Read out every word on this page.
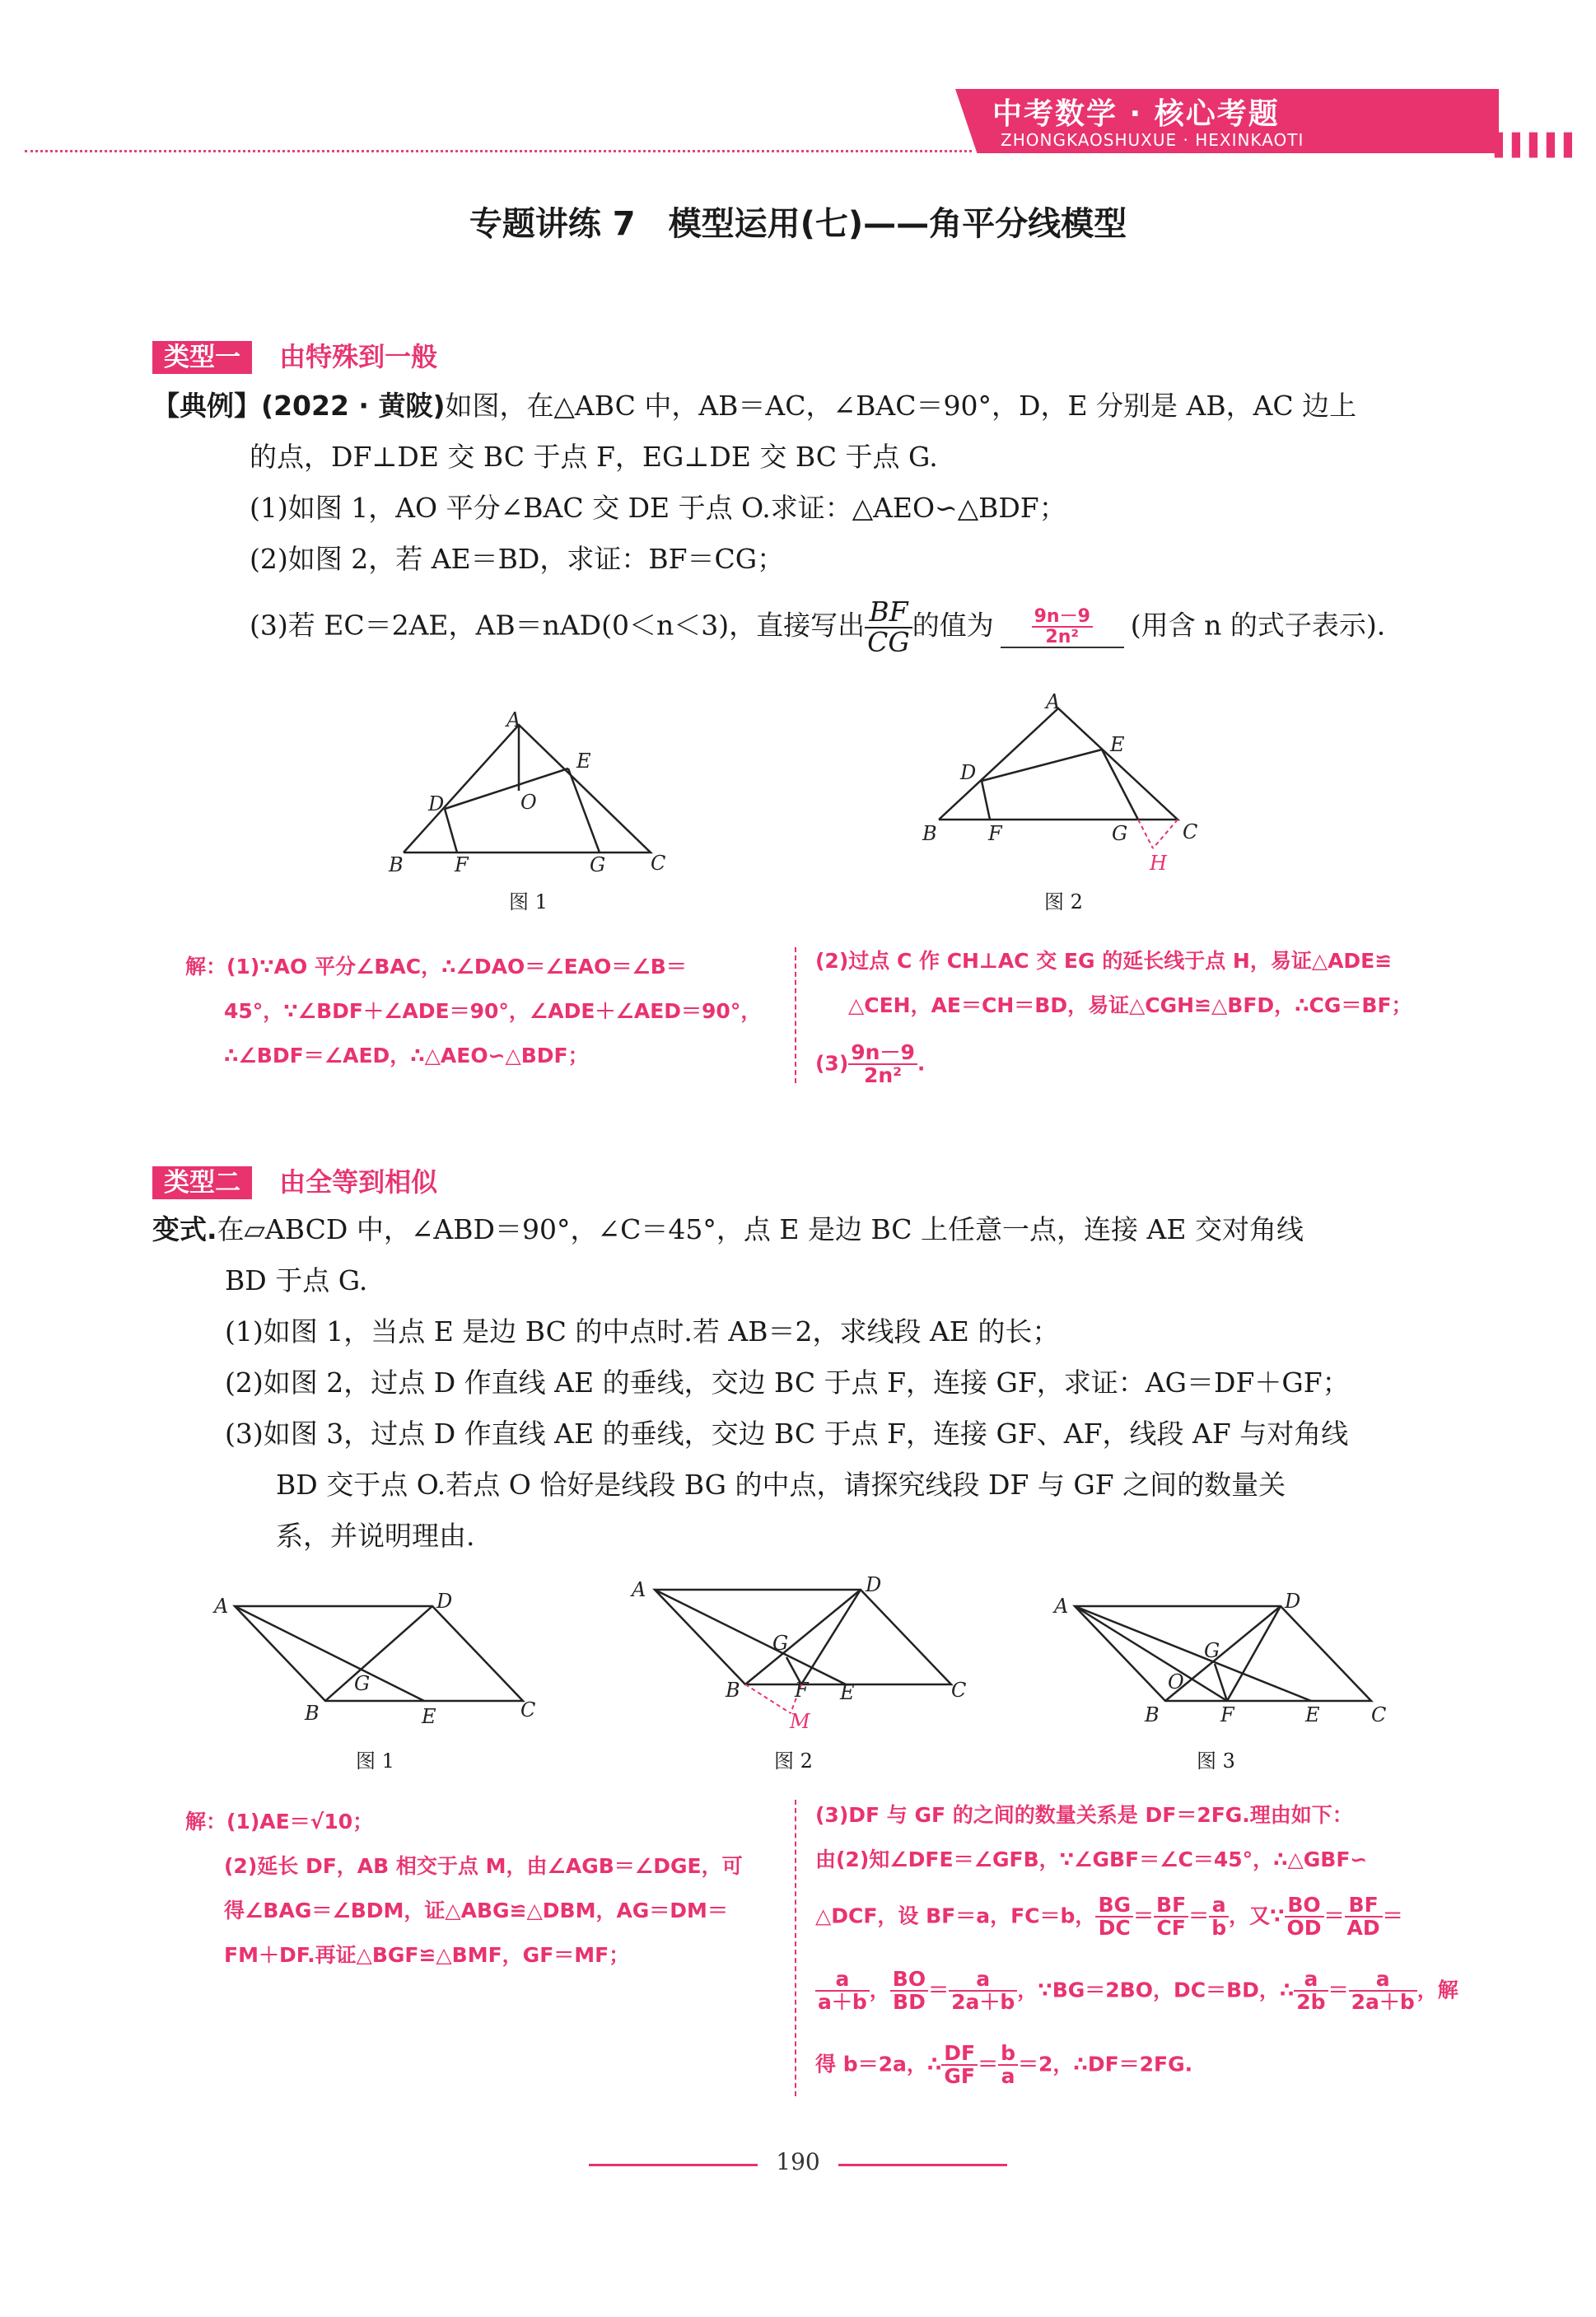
中考数学 · 核心考题
ZHONGKAOSHUXUE · HEXINKAOTI	▌▌▌▌▌
专题讲练 7　模型运用(七)——角平分线模型
类型一 由特殊到一般
【典例】(2022 · 黄陂)如图，在△ABC 中，AB＝AC，∠BAC＝90°，D，E 分别是 AB，AC 边上
的点，DF⊥DE 交 BC 于点 F，EG⊥DE 交 BC 于点 G.
(1)如图 1，AO 平分∠BAC 交 DE 于点 O.求证：△AEO∽△BDF；
(2)如图 2，若 AE＝BD，求证：BF＝CG；
(3)若 EC＝2AE，AB＝nAD(0＜n＜3)，直接写出 $\frac{BF}{CG}$ 的值为 $\frac{9n-9}{\text{2n²}}$ (用含 n 的式子表示).
A
E
O
D
B	F	G C
图 1
A
E
D
B	F	G	C
H
图 2
解：(1)∵AO 平分∠BAC，∴∠DAO＝∠EAO＝∠B＝
45°，∵∠BDF＋∠ADE＝90°，∠ADE＋∠AED＝90°，
∴∠BDF＝∠AED，∴△AEO∽△BDF；
(2)过点 C 作 CH⊥AC 交 EG 的延长线于点 H，易证△ADE≌
△CEH，AE＝CH＝BD，易证△CGH≌△BFD，∴CG＝BF；
$(3) \frac{9n-9}{\text{2n²}}$ .
类型二 由全等到相似
变式.在▱ABCD 中，∠ABD＝90°，∠C＝45°，点 E 是边 BC 上任意一点，连接 AE 交对角线
BD 于点 G.
(1)如图 1，当点 E 是边 BC 的中点时.若 AB＝2，求线段 AE 的长；
(2)如图 2，过点 D 作直线 AE 的垂线，交边 BC 于点 F，连接 GF，求证：AG＝DF＋GF；
(3)如图 3，过点 D 作直线 AE 的垂线，交边 BC 于点 F，连接 GF、AF，线段 AF 与对角线
BD 交于点 O.若点 O 恰好是线段 BG 的中点，请探究线段 DF 与 GF 之间的数量关
系，并说明理由.
A	D
G
B	E	C
图 1
A	D
G
B	F E	C
M
图 2
A	D
G
O
B	F	E	C
图 3
解：(1)AE＝√10；
(2)延长 DF，AB 相交于点 M，由∠AGB＝∠DGE，可
得∠BAG＝∠BDM，证△ABG≌△DBM，AG＝DM＝
FM＋DF.再证△BGF≌△BMF，GF＝MF；
(3)DF 与 GF 的之间的数量关系是 DF＝2FG.理由如下：
由(2)知∠DFE＝∠GFB，∵∠GBF＝∠C＝45°，∴△GBF∽
△DCF，设 BF＝a，FC＝b， $\frac{BG}{DC} = \frac{BF}{CF} = \frac{a}{b}$ ，又∵ $\frac{BO}{OD} = \frac{BF}{AD}$ ＝
$\frac{a}{a+b}$ ， $\frac{BO}{BD} = \frac{a}{2a+b}$ ，∵BG＝2BO，DC＝BD，∴ $\frac{a}{2b} = \frac{a}{2a+b}$ ，解
得 b＝2a，∴ $\frac{DF}{GF} = \frac{b}{a} =2$，∴DF＝2FG.
190
